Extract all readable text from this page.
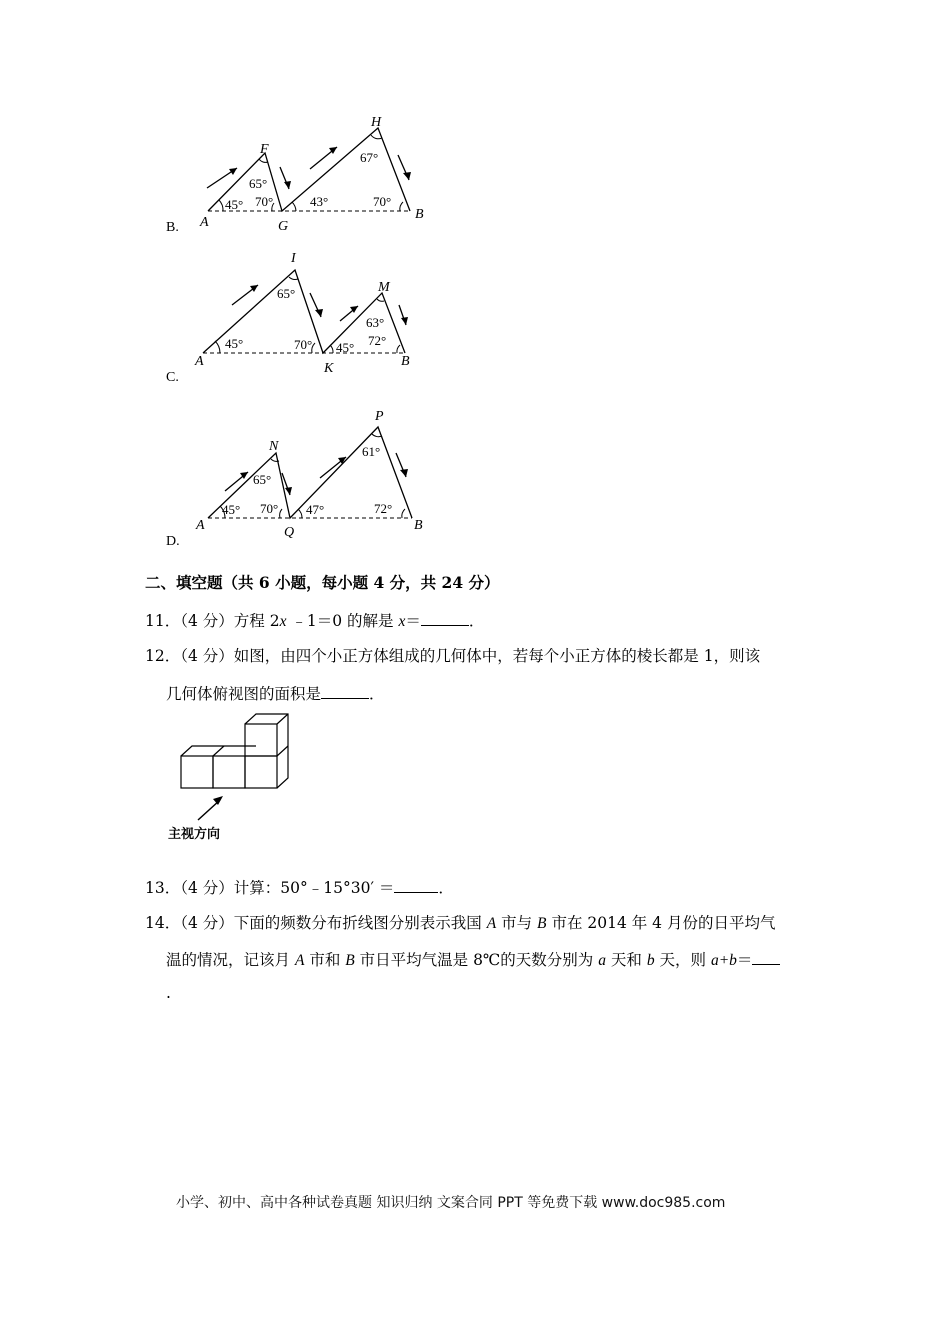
B. A
F
G
H
B
65°
45° 70°	43°
67°
70°
C.
A
I
K
M
B
45°
65°
70° 45°
63°
72°
D.
A
N
Q
P
B
45°
65°
70° 47°
61°
72°
二、填空题（共 6 小题，每小题 4 分，共 24 分）
11．（4 分）方程 2x ﹣1＝0 的解是 x＝	．
12．（4 分）如图，由四个小正方体组成的几何体中，若每个小正方体的棱长都是 1，则该
几何体俯视图的面积是	．
主视方向
13．（4 分）计算：50°﹣15°30′ ＝	．
14．（4 分）下面的频数分布折线图分别表示我国 A 市与 B 市在 2014 年 4 月份的日平均气
温的情况，记该月 A 市和 B 市日平均气温是 8℃的天数分别为 a 天和 b 天，则 a+b＝
.
小学、初中、高中各种试卷真题 知识归纳 文案合同 PPT 等免费下载 www.doc985.com
